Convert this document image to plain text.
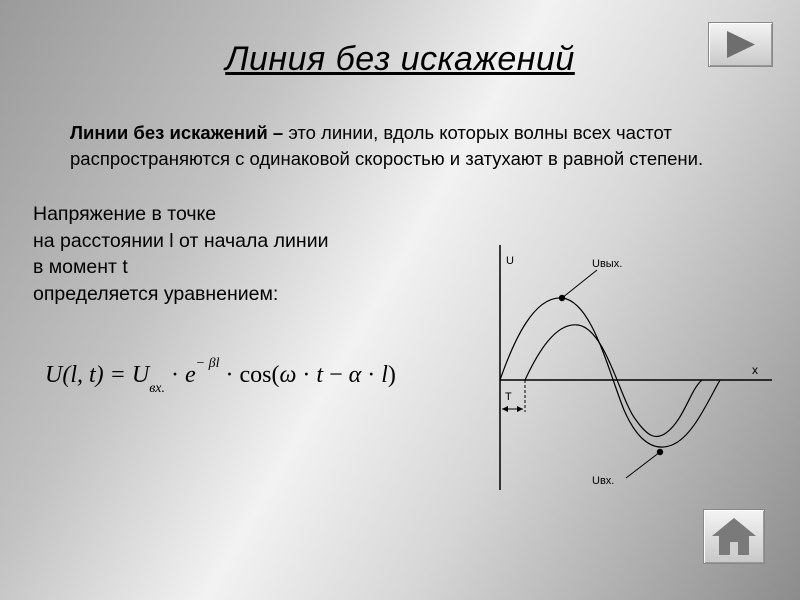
Линия без искажений
Линии без искажений – это линии, вдоль которых волны всех частот распространяются с одинаковой скоростью и затухают в равной степени.
Напряжение в точке
на расстоянии l от начала линии
в момент t
определяется уравнением:
U(l, $t) = U_{вх.} \cdot e^{- \beta l} \cdot \cos(\omega \cdot t - \alpha \cdot l)$
U
x
Uвых.
Uвх.
T
